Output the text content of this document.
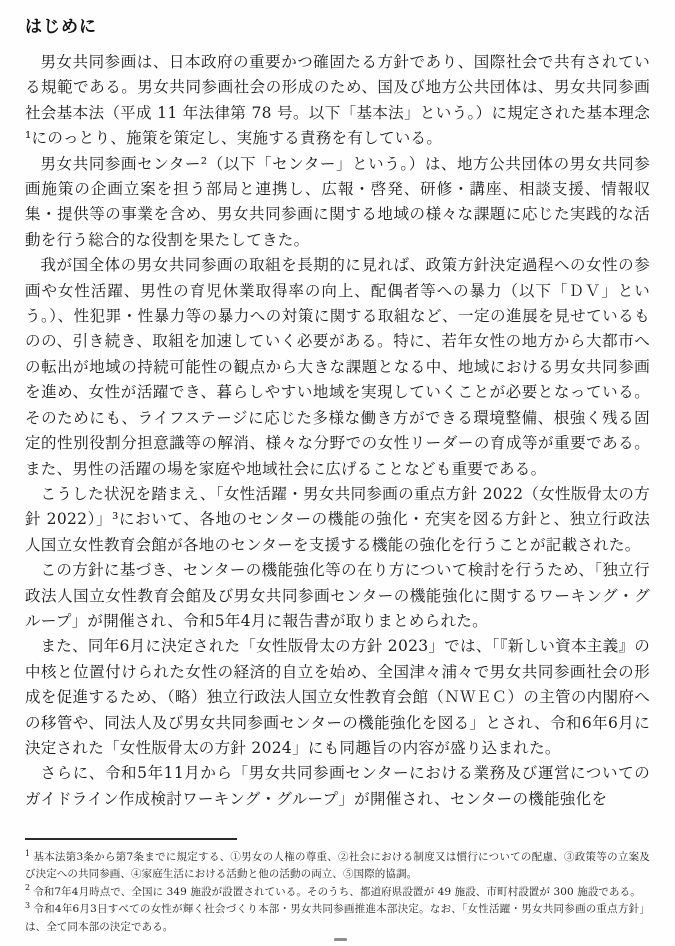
はじめに

男女共同参画は、日本政府の重要かつ確固たる方針であり、国際社会で共有されている規範である。男女共同参画社会の形成のため、国及び地方公共団体は、男女共同参画社会基本法（平成 11 年法律第 78 号。以下「基本法」という。）に規定された基本理念¹にのっとり、施策を策定し、実施する責務を有している。

男女共同参画センター²（以下「センター」という。）は、地方公共団体の男女共同参画施策の企画立案を担う部局と連携し、広報・啓発、研修・講座、相談支援、情報収集・提供等の事業を含め、男女共同参画に関する地域の様々な課題に応じた実践的な活動を行う総合的な役割を果たしてきた。

我が国全体の男女共同参画の取組を長期的に見れば、政策方針決定過程への女性の参画や女性活躍、男性の育児休業取得率の向上、配偶者等への暴力（以下「ＤＶ」という。）、性犯罪・性暴力等の暴力への対策に関する取組など、一定の進展を見せているものの、引き続き、取組を加速していく必要がある。特に、若年女性の地方から大都市への転出が地域の持続可能性の観点から大きな課題となる中、地域における男女共同参画を進め、女性が活躍でき、暮らしやすい地域を実現していくことが必要となっている。そのためにも、ライフステージに応じた多様な働き方ができる環境整備、根強く残る固定的性別役割分担意識等の解消、様々な分野での女性リーダーの育成等が重要である。また、男性の活躍の場を家庭や地域社会に広げることなども重要である。

こうした状況を踏まえ、「女性活躍・男女共同参画の重点方針 2022（女性版骨太の方針 2022）」³において、各地のセンターの機能の強化・充実を図る方針と、独立行政法人国立女性教育会館が各地のセンターを支援する機能の強化を行うことが記載された。

この方針に基づき、センターの機能強化等の在り方について検討を行うため、「独立行政法人国立女性教育会館及び男女共同参画センターの機能強化に関するワーキング・グループ」が開催され、令和5年4月に報告書が取りまとめられた。

また、同年6月に決定された「女性版骨太の方針 2023」では、「『新しい資本主義』の中核と位置付けられた女性の経済的自立を始め、全国津々浦々で男女共同参画社会の形成を促進するため、（略）独立行政法人国立女性教育会館（ＮＷＥＣ）の主管の内閣府への移管や、同法人及び男女共同参画センターの機能強化を図る」とされ、令和6年6月に決定された「女性版骨太の方針 2024」にも同趣旨の内容が盛り込まれた。

さらに、令和5年11月から「男女共同参画センターにおける業務及び運営についてのガイドライン作成検討ワーキング・グループ」が開催され、センターの機能強化を

$^1$ 基本法第3条から第7条までに規定する、①男女の人権の尊重、②社会における制度又は慣行についての配慮、③政策等の立案及び決定への共同参画、④家庭生活における活動と他の活動の両立、⑤国際的協調。
$^2$ 令和7年4月時点で、全国に 349 施設が設置されている。そのうち、都道府県設置が 49 施設、市町村設置が 300 施設である。
$^3$ 令和4年6月3日すべての女性が輝く社会づくり本部・男女共同参画推進本部決定。なお、「女性活躍・男女共同参画の重点方針」は、全て同本部の決定である。
